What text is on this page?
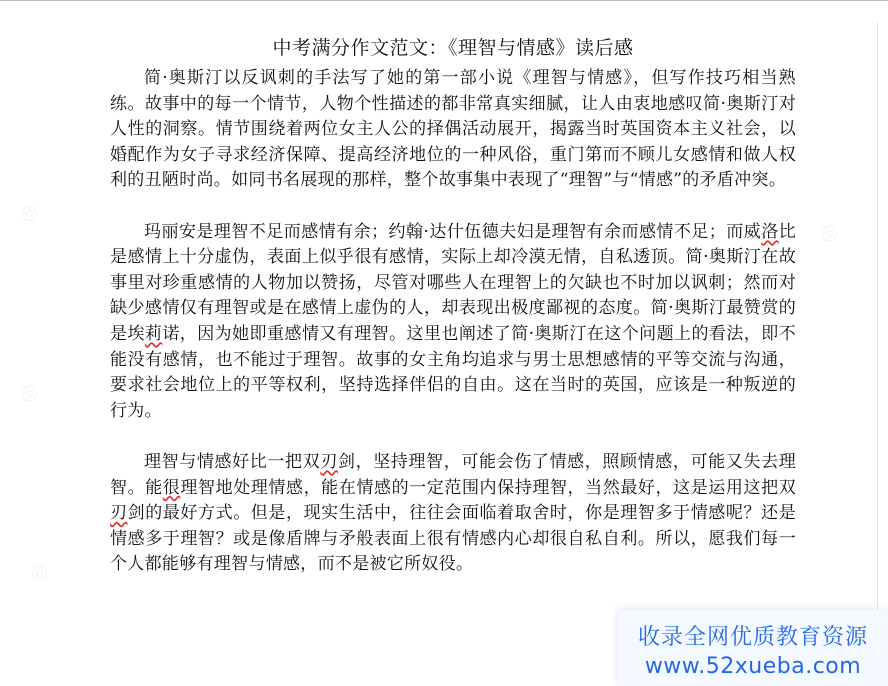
◎
◎
◎
◎
中考满分作文范文：《理智与情感》读后感

简·奥斯汀以反讽刺的手法写了她的第一部小说《理智与情感》，但写作技巧相当熟练。故事中的每一个情节，人物个性描述的都非常真实细腻，让人由衷地感叹简·奥斯汀对人性的洞察。情节围绕着两位女主人公的择偶活动展开，揭露当时英国资本主义社会，以婚配作为女子寻求经济保障、提高经济地位的一种风俗，重门第而不顾儿女感情和做人权利的丑陋时尚。如同书名展现的那样，整个故事集中表现了“理智”与“情感”的矛盾冲突。

玛丽安是理智不足而感情有余；约翰·达什伍德夫妇是理智有余而感情不足；而威洛比是感情上十分虚伪，表面上似乎很有感情，实际上却冷漠无情，自私透顶。简·奥斯汀在故事里对珍重感情的人物加以赞扬，尽管对哪些人在理智上的欠缺也不时加以讽刺；然而对缺少感情仅有理智或是在感情上虚伪的人，却表现出极度鄙视的态度。简·奥斯汀最赞赏的是埃莉诺，因为她即重感情又有理智。这里也阐述了简·奥斯汀在这个问题上的看法，即不能没有感情，也不能过于理智。故事的女主角均追求与男士思想感情的平等交流与沟通，要求社会地位上的平等权利，坚持选择伴侣的自由。这在当时的英国，应该是一种叛逆的行为。

理智与情感好比一把双刃剑，坚持理智，可能会伤了情感，照顾情感，可能又失去理智。能很理智地处理情感，能在情感的一定范围内保持理智，当然最好，这是运用这把双刃剑的最好方式。但是，现实生活中，往往会面临着取舍时，你是理智多于情感呢？还是情感多于理智？或是像盾牌与矛般表面上很有情感内心却很自私自利。所以，愿我们每一个人都能够有理智与情感，而不是被它所奴役。

收录全网优质教育资源
www.52xueba.com
